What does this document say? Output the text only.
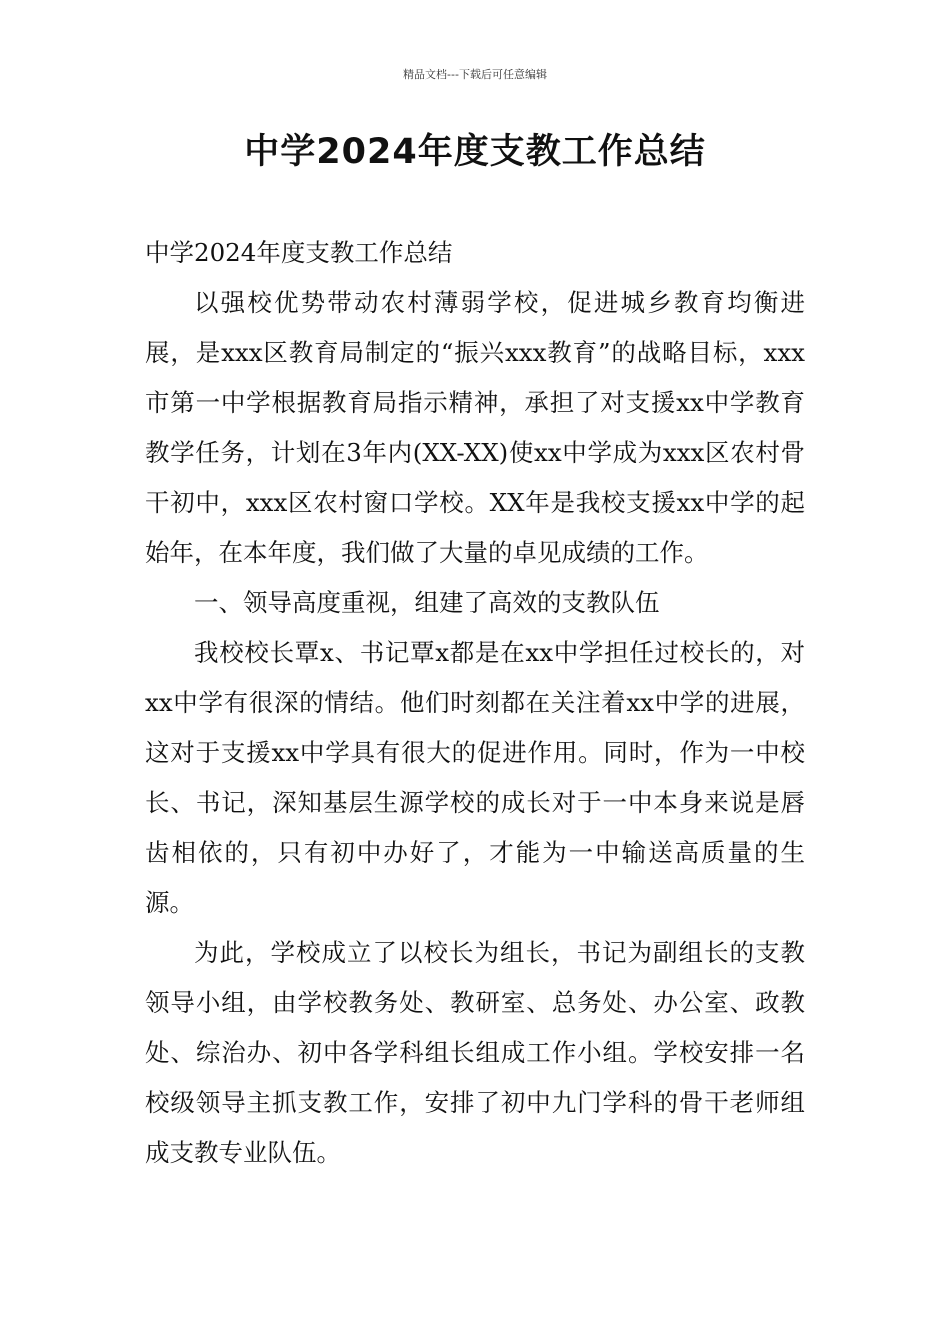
精品文档---下载后可任意编辑
中学2024年度支教工作总结

中学2024年度支教工作总结

以强校优势带动农村薄弱学校，促进城乡教育均衡进展，是xxx区教育局制定的“振兴xxx教育”的战略目标，xxx市第一中学根据教育局指示精神，承担了对支援xx中学教育教学任务，计划在3年内(XX-XX)使xx中学成为xxx区农村骨干初中，xxx区农村窗口学校。XX年是我校支援xx中学的起始年，在本年度，我们做了大量的卓见成绩的工作。

一、领导高度重视，组建了高效的支教队伍

我校校长覃x、书记覃x都是在xx中学担任过校长的，对xx中学有很深的情结。他们时刻都在关注着xx中学的进展，这对于支援xx中学具有很大的促进作用。同时，作为一中校长、书记，深知基层生源学校的成长对于一中本身来说是唇齿相依的，只有初中办好了，才能为一中输送高质量的生源。

为此，学校成立了以校长为组长，书记为副组长的支教领导小组，由学校教务处、教研室、总务处、办公室、政教处、综治办、初中各学科组长组成工作小组。学校安排一名校级领导主抓支教工作，安排了初中九门学科的骨干老师组成支教专业队伍。
